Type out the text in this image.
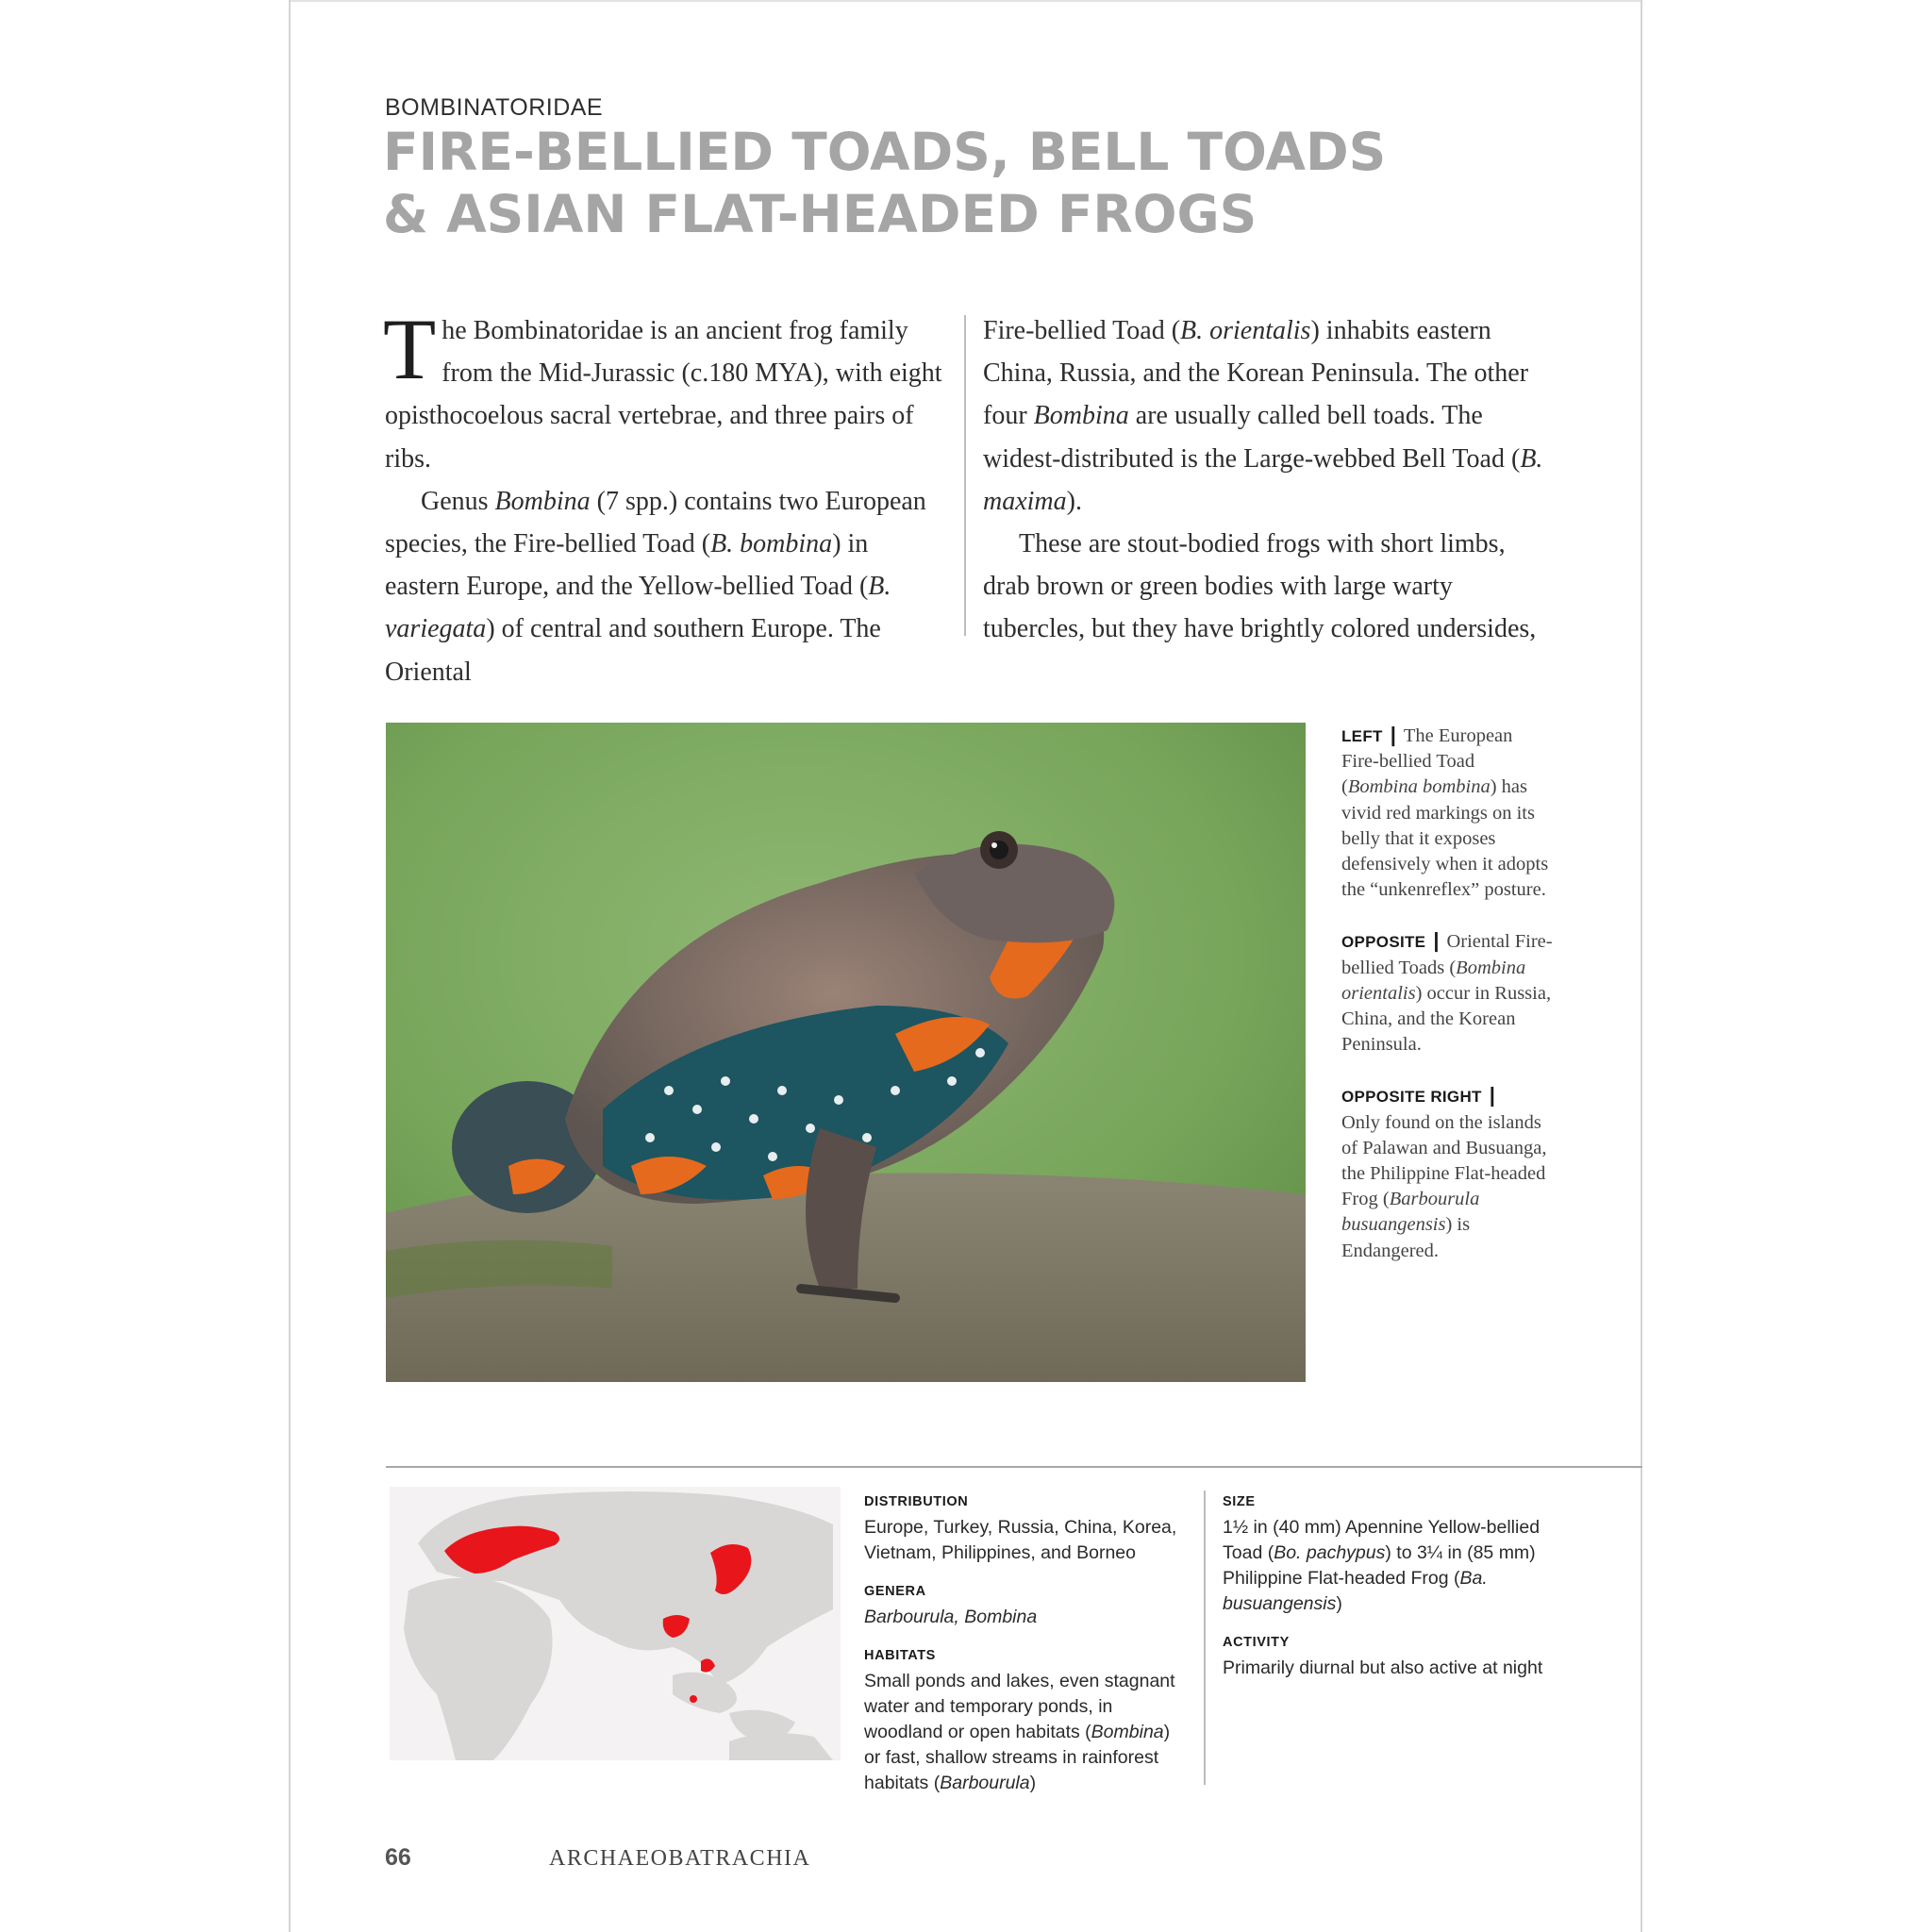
BOMBINATORIDAE
FIRE-BELLIED TOADS, BELL TOADS
& ASIAN FLAT-HEADED FROGS

The Bombinatoridae is an ancient frog family from the Mid-Jurassic (c.180 MYA), with eight opisthocoelous sacral vertebrae, and three pairs of ribs.

Genus Bombina (7 spp.) contains two European species, the Fire-bellied Toad (B. bombina) in eastern Europe, and the Yellow-bellied Toad (B. variegata) of central and southern Europe. The Oriental

Fire-bellied Toad (B. orientalis) inhabits eastern China, Russia, and the Korean Peninsula. The other four Bombina are usually called bell toads. The widest-distributed is the Large-webbed Bell Toad (B. maxima).

These are stout-bodied frogs with short limbs, drab brown or green bodies with large warty tubercles, but they have brightly colored undersides,

LEFT | The European Fire-bellied Toad (Bombina bombina) has vivid red markings on its belly that it exposes defensively when it adopts the “unkenreflex” posture.

OPPOSITE | Oriental Fire-bellied Toads (Bombina orientalis) occur in Russia, China, and the Korean Peninsula.

OPPOSITE RIGHT |
Only found on the islands of Palawan and Busuanga, the Philippine Flat-headed Frog (Barbourula busuangensis) is Endangered.

DISTRIBUTION
Europe, Turkey, Russia, China, Korea, Vietnam, Philippines, and Borneo
GENERA
Barbourula, Bombina
HABITATS
Small ponds and lakes, even stagnant water and temporary ponds, in woodland or open habitats (Bombina) or fast, shallow streams in rainforest habitats (Barbourula)
SIZE
1½ in (40 mm) Apennine Yellow-bellied Toad (Bo. pachypus) to 3¼ in (85 mm) Philippine Flat-headed Frog (Ba. busuangensis)
ACTIVITY
Primarily diurnal but also active at night
66	ARCHAEOBATRACHIA
